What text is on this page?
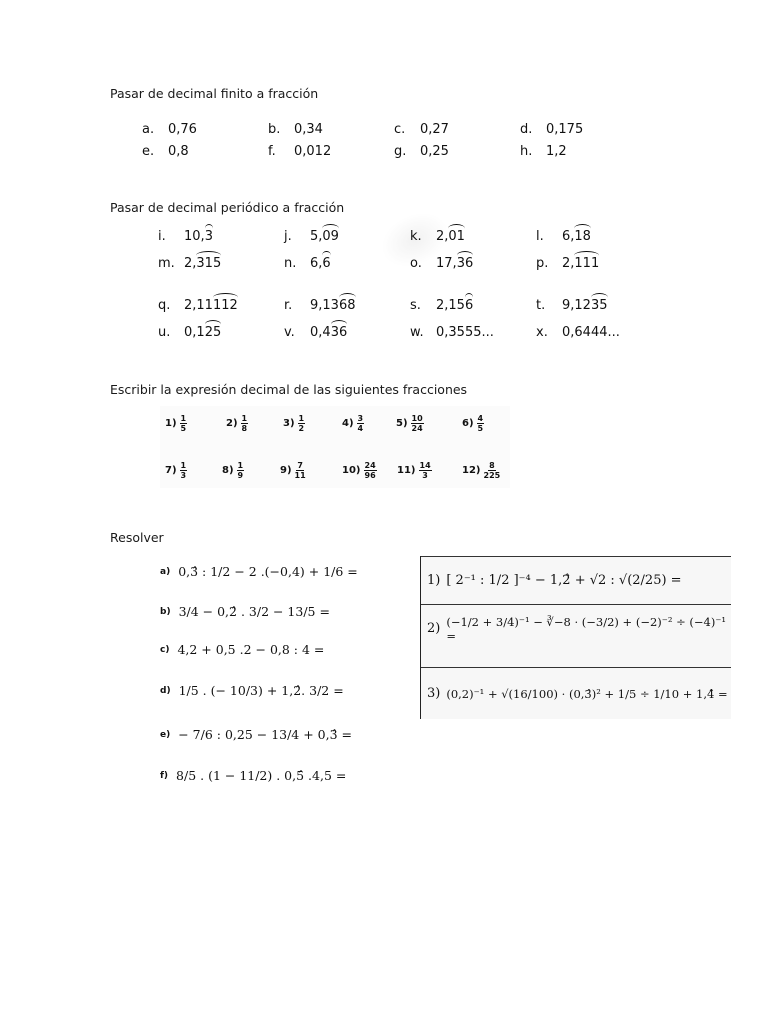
Pasar de decimal finito a fracción
a.	0,76	b.	0,34	c.	0,27	d.	0,175
e.	0,8	f.	0,012	g.	0,25	h.	1,2
Pasar de decimal periódico a fracción
i.	10,3	j.	5,09	k.	2,01	l.	6,18
m. 2,315	n.	6,6	o.	17,36	p.	2,111
q.	2,11112	r.	9,1368	s.	2,156	t.	9,1235
u.	0,125	v.	0,436	w. 0,3555...	x.	0,6444...
Escribir la expresión decimal de las siguientes fracciones
$1) \frac{1}{5}$	$2) \frac{1}{8}$	$3) \frac{1}{2}$	$4) \frac{3}{4}$	$5) \frac{10}{24}$	$6) \frac{4}{5}$
$7) \frac{1}{3}$	$8) \frac{1}{9}$	$9) \frac{7}{11}$	$10) \frac{24}{96} 11) \frac{14}{3}$	$12) \frac{8}{225}$
Resolver
a) 0,3̂ : 1/2 − 2 .(−0,4) + 1/6 =
b) 3/4 − 0,2̂ . 3/2 − 13/5 =
c) 4,2 + 0,5 .2 − 0,8 : 4 =
d) 1/5 . (− 10/3) + 1,2̂. 3/2 =
e) − 7/6 : 0,25 − 13/4 + 0,3̂ =
f) 8/5 . (1 − 11/2) . 0,5̂ .4,5 =
1) [ 2⁻¹ : 1/2 ]⁻⁴ − 1,2̂ + √2 : √(2/25) =
2) (−1/2 + 3/4)⁻¹ − ∛−8 · (−3/2) + (−2)⁻² ÷ (−4)⁻¹ =
3) (0,2)⁻¹ + √(16/100) · (0,3̂)² + 1/5 ÷ 1/10 + 1,4̂ =
